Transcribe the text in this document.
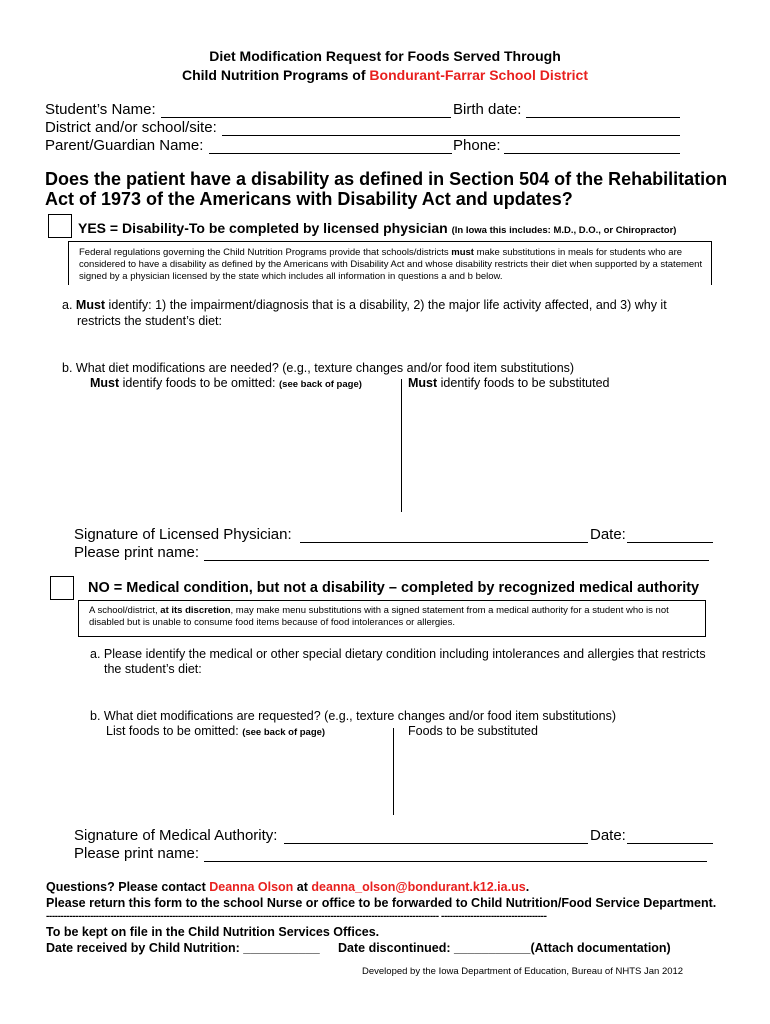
Diet Modification Request for Foods Served Through
Child Nutrition Programs of Bondurant-Farrar School District
Student’s Name:	Birth date:
District and/or school/site:
Parent/Guardian Name:	Phone:
Does the patient have a disability as defined in Section 504 of the Rehabilitation
Act of 1973 of the Americans with Disability Act and updates?
YES = Disability-To be completed by licensed physician (In Iowa this includes: M.D., D.O., or Chiropractor)
Federal regulations governing the Child Nutrition Programs provide that schools/districts must make substitutions in meals for students who are considered to have a disability as defined by the Americans with Disability Act and whose disability restricts their diet when supported by a statement signed by a physician licensed by the state which includes all information in questions a and b below.
a. Must identify: 1) the impairment/diagnosis that is a disability, 2) the major life activity affected, and 3) why it
restricts the student’s diet:
b. What diet modifications are needed? (e.g., texture changes and/or food item substitutions)
Must identify foods to be omitted: (see back of page)	Must identify foods to be substituted
Signature of Licensed Physician:	Date:
Please print name:
NO = Medical condition, but not a disability – completed by recognized medical authority
A school/district, at its discretion, may make menu substitutions with a signed statement from a medical authority for a student who is not disabled but is unable to consume food items because of food intolerances or allergies.
a. Please identify the medical or other special dietary condition including intolerances and allergies that restricts
the student’s diet:
b. What diet modifications are requested? (e.g., texture changes and/or food item substitutions)
List foods to be omitted: (see back of page)	Foods to be substituted
Signature of Medical Authority:	Date:
Please print name:
Questions? Please contact Deanna Olson at deanna_olson@bondurant.k12.ia.us.
Please return this form to the school Nurse or office to be forwarded to Child Nutrition/Food Service Department.
-------------------------------------------------------------------------------------------------------------------------------------- ------------------------------------
To be kept on file in the Child Nutrition Services Offices.
Date received by Child Nutrition: ___________ Date discontinued: ___________(Attach documentation)
Developed by the Iowa Department of Education, Bureau of NHTS Jan 2012
